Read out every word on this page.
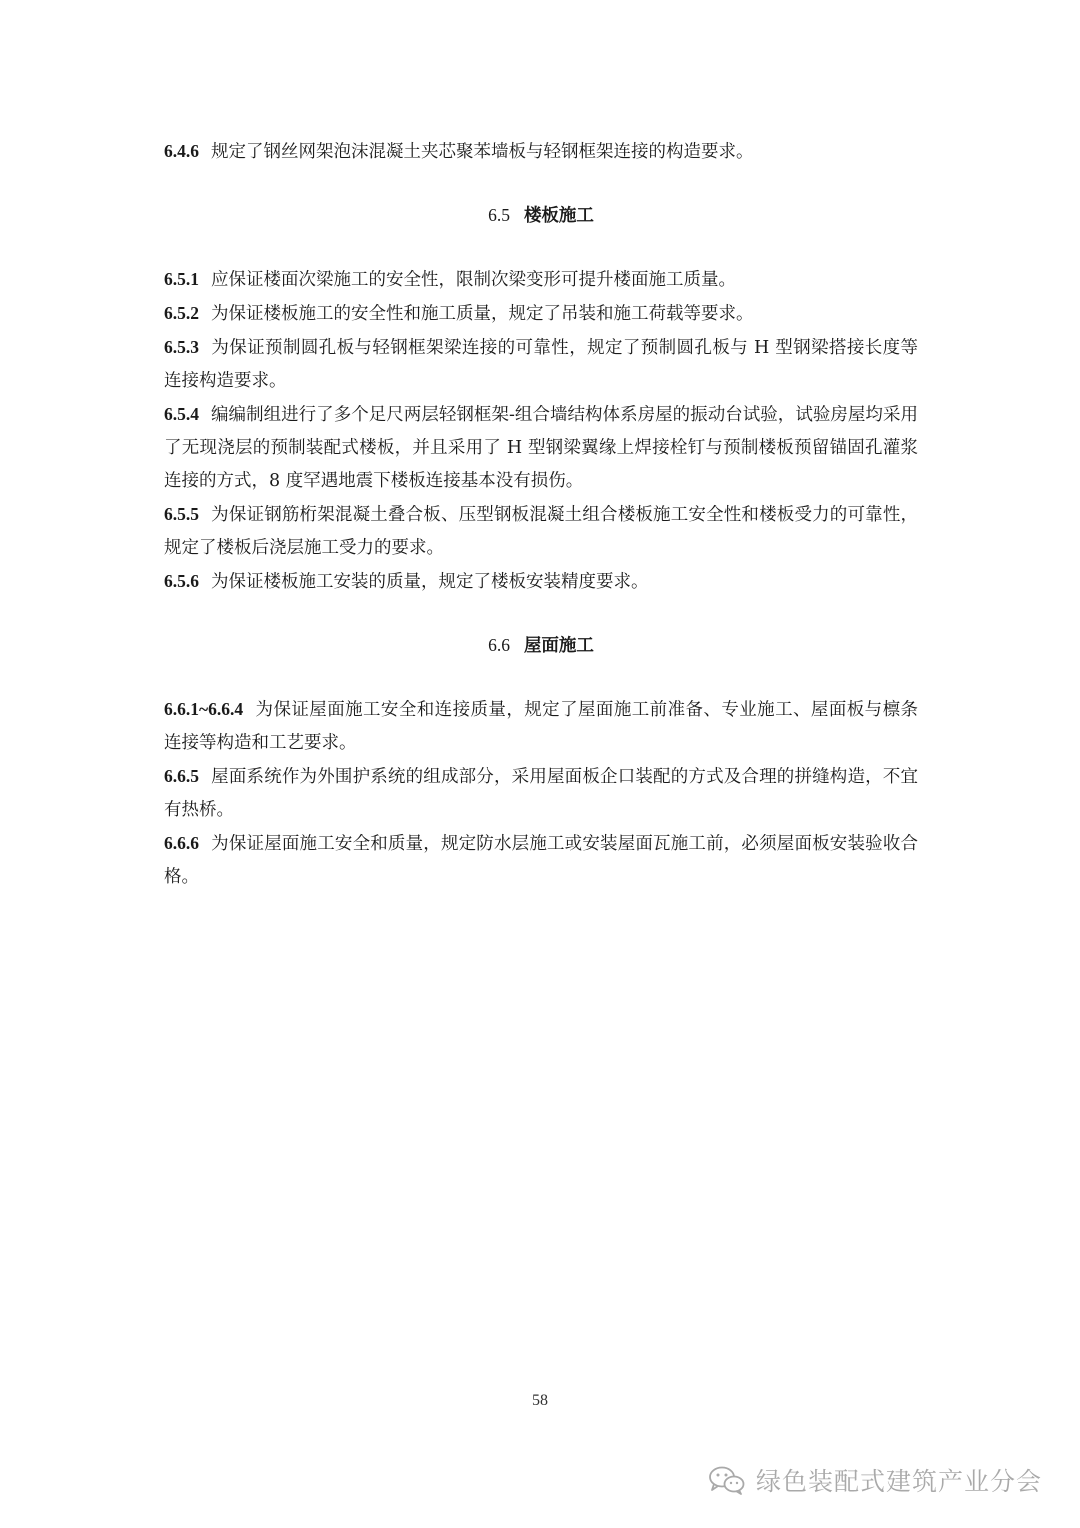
6.4.6 规定了钢丝网架泡沫混凝土夹芯聚苯墙板与轻钢框架连接的构造要求。

6.5 楼板施工

6.5.1 应保证楼面次梁施工的安全性，限制次梁变形可提升楼面施工质量。

6.5.2 为保证楼板施工的安全性和施工质量，规定了吊装和施工荷载等要求。

6.5.3 为保证预制圆孔板与轻钢框架梁连接的可靠性，规定了预制圆孔板与 H 型钢梁搭接长度等连接构造要求。

6.5.4 编编制组进行了多个足尺两层轻钢框架-组合墙结构体系房屋的振动台试验，试验房屋均采用了无现浇层的预制装配式楼板，并且采用了 H 型钢梁翼缘上焊接栓钉与预制楼板预留锚固孔灌浆连接的方式，8 度罕遇地震下楼板连接基本没有损伤。

6.5.5 为保证钢筋桁架混凝土叠合板、压型钢板混凝土组合楼板施工安全性和楼板受力的可靠性，规定了楼板后浇层施工受力的要求。

6.5.6 为保证楼板施工安装的质量，规定了楼板安装精度要求。

6.6 屋面施工

6.6.1~6.6.4 为保证屋面施工安全和连接质量，规定了屋面施工前准备、专业施工、屋面板与檩条连接等构造和工艺要求。

6.6.5 屋面系统作为外围护系统的组成部分，采用屋面板企口装配的方式及合理的拼缝构造，不宜有热桥。

6.6.6 为保证屋面施工安全和质量，规定防水层施工或安装屋面瓦施工前，必须屋面板安装验收合格。

58
绿色装配式建筑产业分会
